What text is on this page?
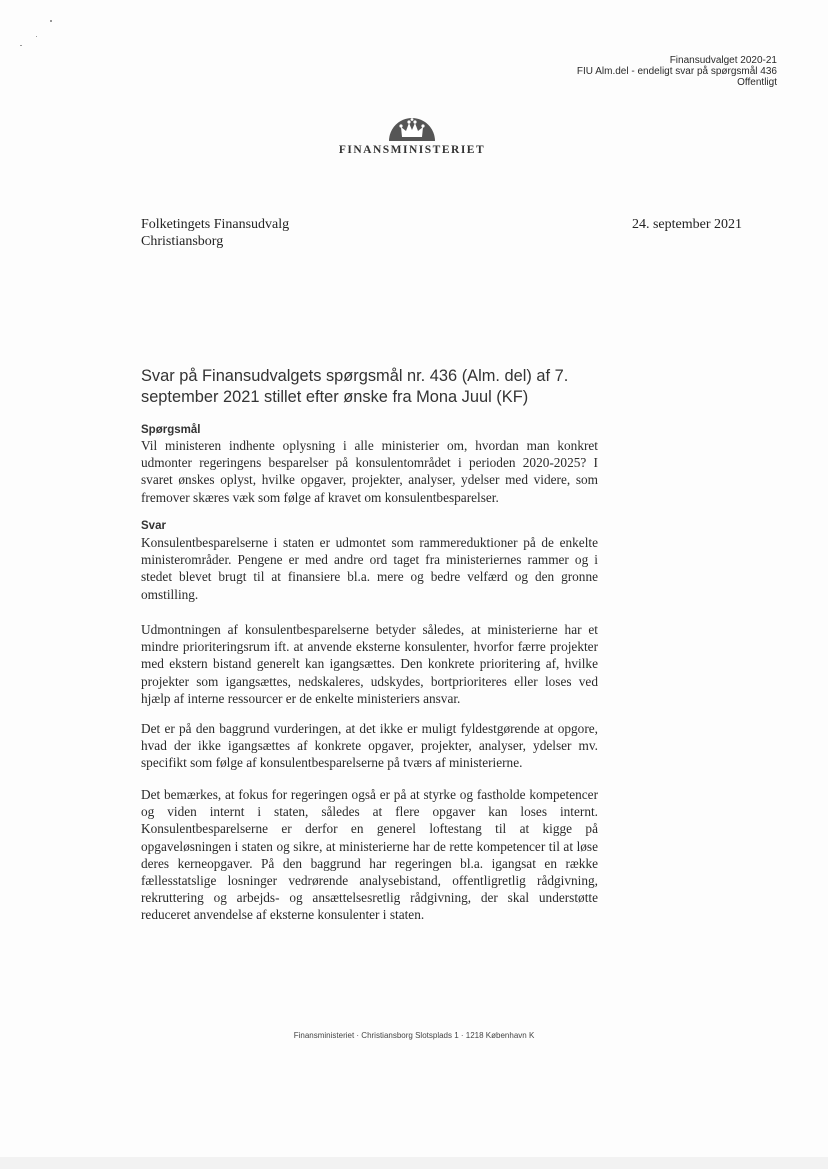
Finansudvalget 2020-21
FIU Alm.del - endeligt svar på spørgsmål 436
Offentligt
FINANSMINISTERIET
Folketingets Finansudvalg
Christiansborg
24. september 2021
Svar på Finansudvalgets spørgsmål nr. 436 (Alm. del) af 7. september 2021 stillet efter ønske fra Mona Juul (KF)
Spørgsmål
Vil ministeren indhente oplysning i alle ministerier om, hvordan man konkret udmonter regeringens besparelser på konsulentområdet i perioden 2020-2025? I svaret ønskes oplyst, hvilke opgaver, projekter, analyser, ydelser med videre, som fremover skæres væk som følge af kravet om konsulentbesparelser.
Svar

Konsulentbesparelserne i staten er udmontet som rammereduktioner på de enkelte ministerområder. Pengene er med andre ord taget fra ministeriernes rammer og i stedet blevet brugt til at finansiere bl.a. mere og bedre velfærd og den gronne omstilling.

Udmontningen af konsulentbesparelserne betyder således, at ministerierne har et mindre prioriteringsrum ift. at anvende eksterne konsulenter, hvorfor færre projekter med ekstern bistand generelt kan igangsættes. Den konkrete prioritering af, hvilke projekter som igangsættes, nedskaleres, udskydes, bortprioriteres eller loses ved hjælp af interne ressourcer er de enkelte ministeriers ansvar.

Det er på den baggrund vurderingen, at det ikke er muligt fyldestgørende at opgore, hvad der ikke igangsættes af konkrete opgaver, projekter, analyser, ydelser mv. specifikt som følge af konsulentbesparelserne på tværs af ministerierne.

Det bemærkes, at fokus for regeringen også er på at styrke og fastholde kompetencer og viden internt i staten, således at flere opgaver kan loses internt. Konsulentbesparelserne er derfor en generel loftestang til at kigge på opgaveløsningen i staten og sikre, at ministerierne har de rette kompetencer til at løse deres kerneopgaver. På den baggrund har regeringen bl.a. igangsat en række fællesstatslige losninger vedrørende analysebistand, offentligretlig rådgivning, rekruttering og arbejds- og ansættelsesretlig rådgivning, der skal understøtte reduceret anvendelse af eksterne konsulenter i staten.

Finansministeriet · Christiansborg Slotsplads 1 · 1218 København K
